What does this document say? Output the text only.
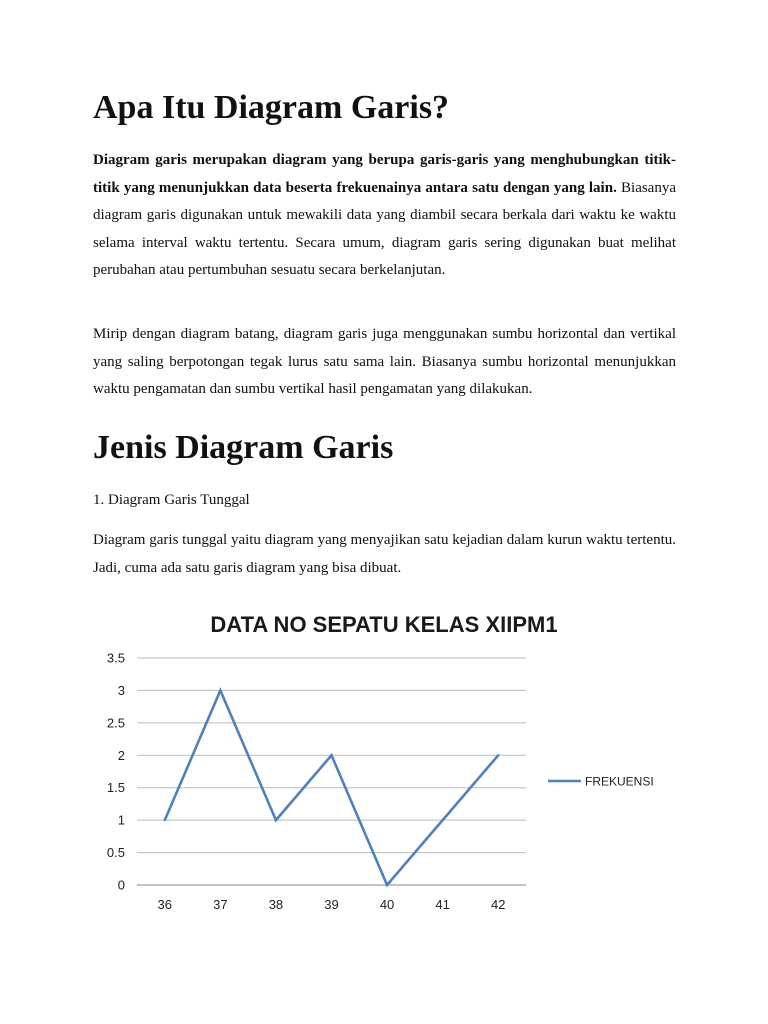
Apa Itu Diagram Garis?

Diagram garis merupakan diagram yang berupa garis-garis yang menghubungkan titik-titik yang menunjukkan data beserta frekuenainya antara satu dengan yang lain. Biasanya diagram garis digunakan untuk mewakili data yang diambil secara berkala dari waktu ke waktu selama interval waktu tertentu. Secara umum, diagram garis sering digunakan buat melihat perubahan atau pertumbuhan sesuatu secara berkelanjutan.

Mirip dengan diagram batang, diagram garis juga menggunakan sumbu horizontal dan vertikal yang saling berpotongan tegak lurus satu sama lain. Biasanya sumbu horizontal menunjukkan waktu pengamatan dan sumbu vertikal hasil pengamatan yang dilakukan.

Jenis Diagram Garis

1. Diagram Garis Tunggal

Diagram garis tunggal yaitu diagram yang menyajikan satu kejadian dalam kurun waktu tertentu. Jadi, cuma ada satu garis diagram yang bisa dibuat.

DATA NO SEPATU KELAS XIIPM1
0
0.5
1
1.5
2
2.5
3
3.5
36	37	38	39	40	41	42
FREKUENSI
